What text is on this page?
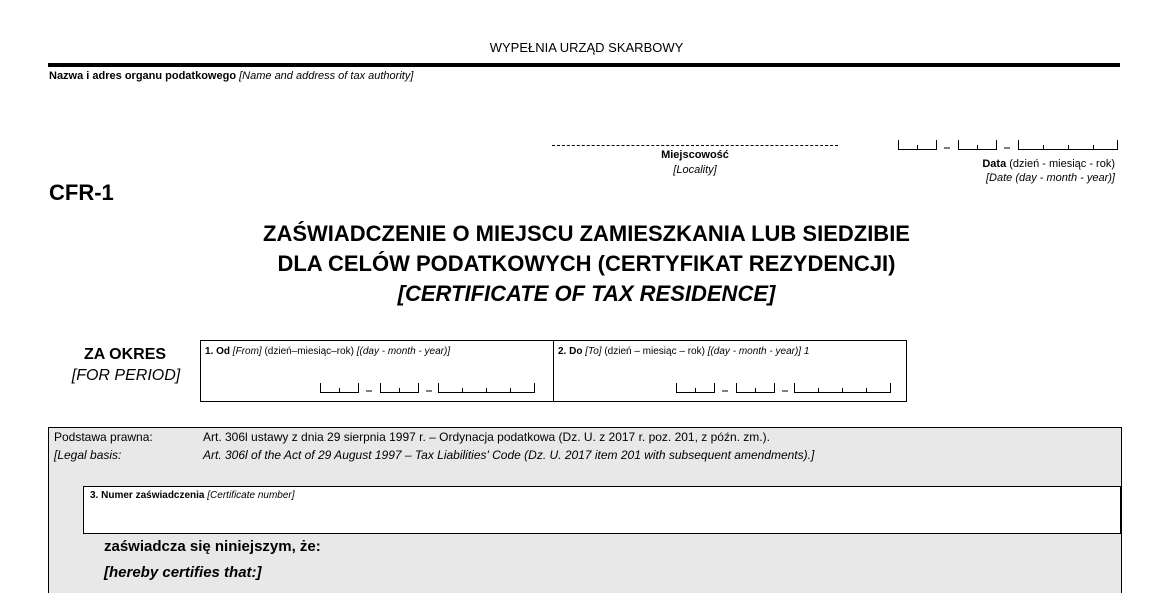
WYPEŁNIA URZĄD SKARBOWY
Nazwa i adres organu podatkowego [Name and address of tax authority]
Miejscowość
[Locality]	Data (dzień - miesiąc - rok)
[Date (day - month - year)]
CFR-1
ZAŚWIADCZENIE O MIEJSCU ZAMIESZKANIA LUB SIEDZIBIE
DLA CELÓW PODATKOWYCH (CERTYFIKAT REZYDENCJI)
[CERTIFICATE OF TAX RESIDENCE]
ZA OKRES
[FOR PERIOD]
1. Od [From] (dzień–miesiąc–rok) [(day - month - year)]	2. Do [To] (dzień – miesiąc – rok) [(day - month - year)] 1
Podstawa prawna:	Art. 306l ustawy z dnia 29 sierpnia 1997 r. – Ordynacja podatkowa (Dz. U. z 2017 r. poz. 201, z późn. zm.).
[Legal basis:	Art. 306l of the Act of 29 August 1997 – Tax Liabilities' Code (Dz. U. 2017 item 201 with subsequent amendments).]
3. Numer zaświadczenia [Certificate number]
zaświadcza się niniejszym, że:
[hereby certifies that:]
